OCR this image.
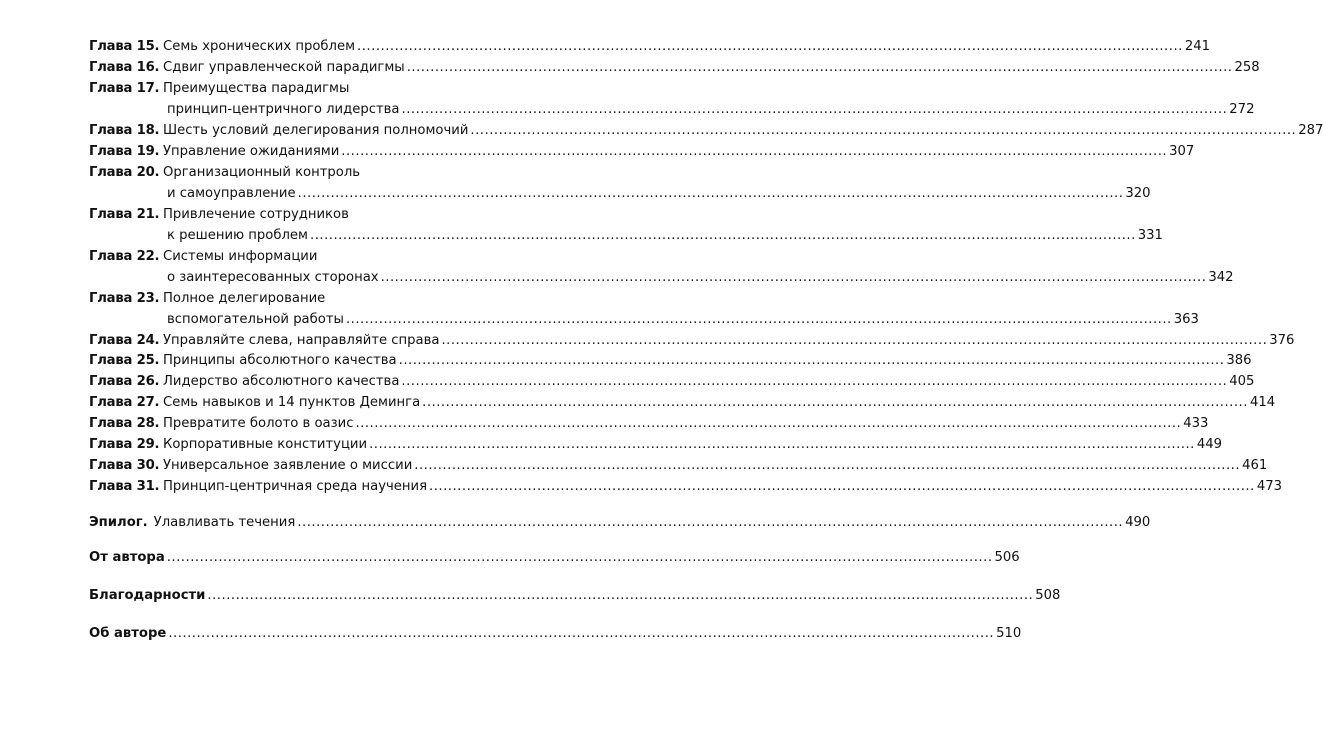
Глава 15. Семь хронических проблем .....	241
Глава 16. Сдвиг управленческой парадигмы .....	258
Глава 17. Преимущества парадигмы
принцип-центричного лидерства .....	272
Глава 18. Шесть условий делегирования полномочий .....	287
Глава 19. Управление ожиданиями .....	307
Глава 20. Организационный контроль
и самоуправление .....	320
Глава 21. Привлечение сотрудников
к решению проблем .....	331
Глава 22. Системы информации
о заинтересованных сторонах .....	342
Глава 23. Полное делегирование
вспомогательной работы .....	363
Глава 24. Управляйте слева, направляйте справа .....	376
Глава 25. Принципы абсолютного качества .....	386
Глава 26. Лидерство абсолютного качества .....	405
Глава 27. Семь навыков и 14 пунктов Деминга .....	414
Глава 28. Превратите болото в оазис .....	433
Глава 29. Корпоративные конституции .....	449
Глава 30. Универсальное заявление о миссии .....	461
Глава 31. Принцип-центричная среда научения .....	473
Эпилог. Улавливать течения .....	490
От автора .....	506
Благодарности .....	508
Об авторе .....	510
